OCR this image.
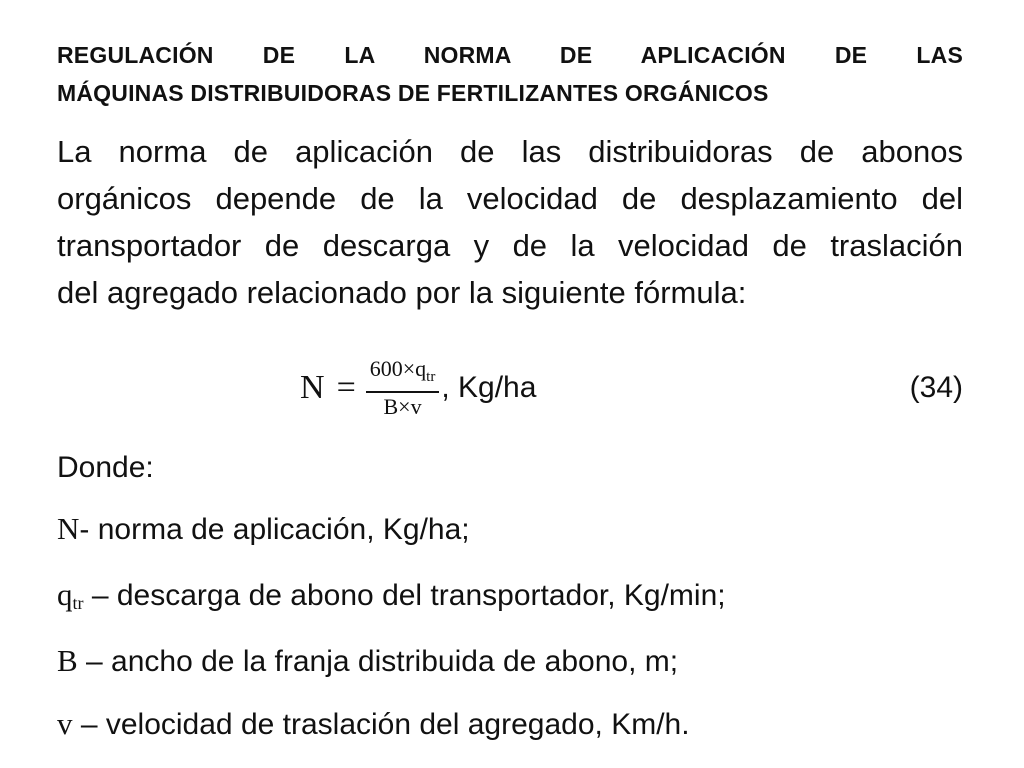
REGULACIÓN DE LA NORMA DE APLICACIÓN DE LAS
MÁQUINAS DISTRIBUIDORAS DE FERTILIZANTES ORGÁNICOS
La norma de aplicación de las distribuidoras de abonos
orgánicos depende de la velocidad de desplazamiento del
transportador de descarga y de la velocidad de traslación
del agregado relacionado por la siguiente fórmula:
$N = \frac{600\times q_{tr}}{B\times v}$ , Kg/ha	(34)
Donde:
N- norma de aplicación, Kg/ha;
$q_{tr}$ – descarga de abono del transportador, Kg/min;
B – ancho de la franja distribuida de abono, m;
v – velocidad de traslación del agregado, Km/h.
